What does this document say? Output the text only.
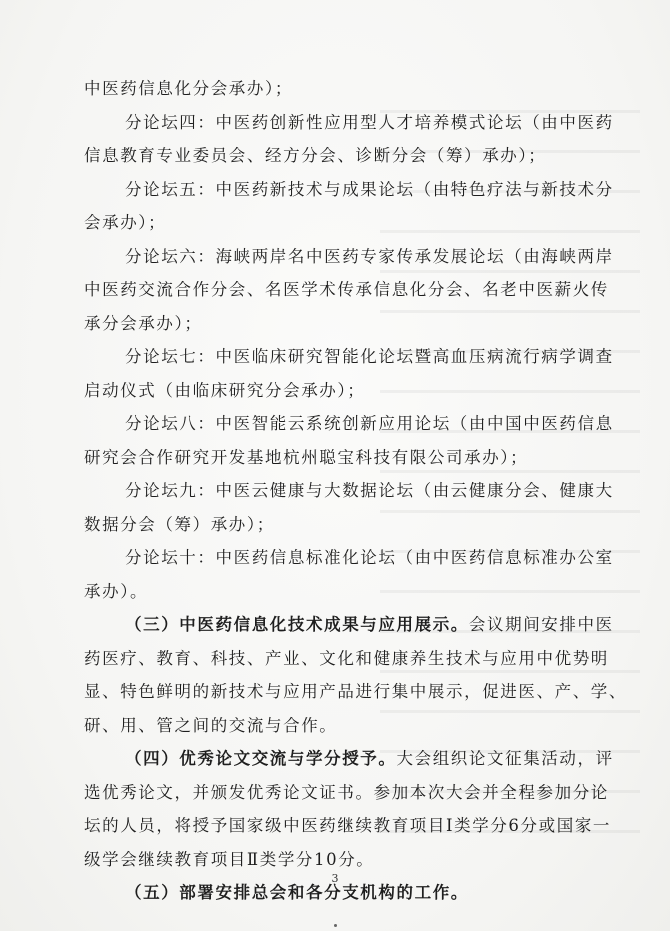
中医药信息化分会承办）；
分论坛四：中医药创新性应用型人才培养模式论坛（由中医药
信息教育专业委员会、经方分会、诊断分会（筹）承办）；
分论坛五：中医药新技术与成果论坛（由特色疗法与新技术分
会承办）；
分论坛六：海峡两岸名中医药专家传承发展论坛（由海峡两岸
中医药交流合作分会、名医学术传承信息化分会、名老中医薪火传
承分会承办）；
分论坛七：中医临床研究智能化论坛暨高血压病流行病学调查
启动仪式（由临床研究分会承办）；
分论坛八：中医智能云系统创新应用论坛（由中国中医药信息
研究会合作研究开发基地杭州聪宝科技有限公司承办）；
分论坛九：中医云健康与大数据论坛（由云健康分会、健康大
数据分会（筹）承办）；
分论坛十：中医药信息标准化论坛（由中医药信息标准办公室
承办）。
（三）中医药信息化技术成果与应用展示。会议期间安排中医
药医疗、教育、科技、产业、文化和健康养生技术与应用中优势明
显、特色鲜明的新技术与应用产品进行集中展示，促进医、产、学、
研、用、管之间的交流与合作。
（四）优秀论文交流与学分授予。大会组织论文征集活动，评
选优秀论文，并颁发优秀论文证书。参加本次大会并全程参加分论
坛的人员，将授予国家级中医药继续教育项目Ⅰ类学分6分或国家一
级学会继续教育项目Ⅱ类学分10分。
（五）部署安排总会和各分支机构的工作。
3
